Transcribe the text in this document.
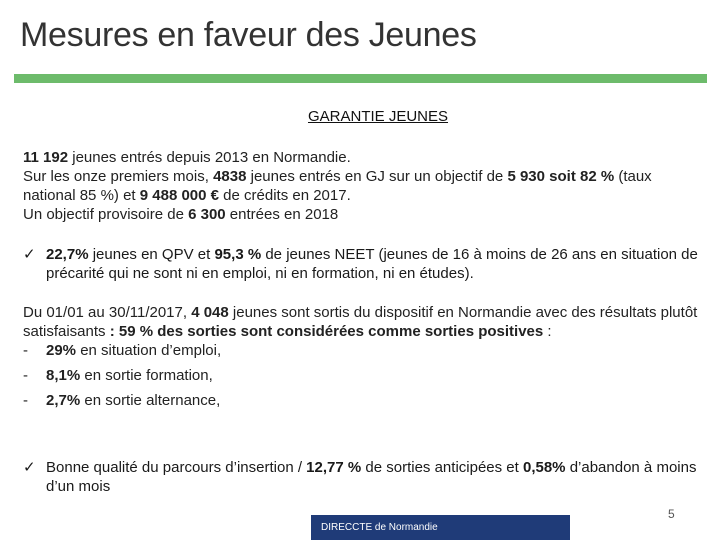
Mesures en faveur des Jeunes
GARANTIE JEUNES
11 192 jeunes entrés depuis 2013 en Normandie.
Sur les onze premiers mois, 4838 jeunes entrés en GJ sur un objectif de 5 930 soit 82 % (taux national 85 %) et 9 488 000 € de crédits en 2017.
Un objectif provisoire de 6 300 entrées en 2018
✓ 22,7% jeunes en QPV et 95,3 % de jeunes NEET (jeunes de 16 à moins de 26 ans en situation de précarité qui ne sont ni en emploi, ni en formation, ni en études).
Du 01/01 au 30/11/2017, 4 048 jeunes sont sortis du dispositif en Normandie avec des résultats plutôt satisfaisants : 59 % des sorties sont considérées comme sorties positives :
- 29% en situation d’emploi,
- 8,1% en sortie formation,
- 2,7% en sortie alternance,
✓ Bonne qualité du parcours d’insertion / 12,77 % de sorties anticipées et 0,58% d’abandon à moins d’un mois
5
DIRECCTE de Normandie
